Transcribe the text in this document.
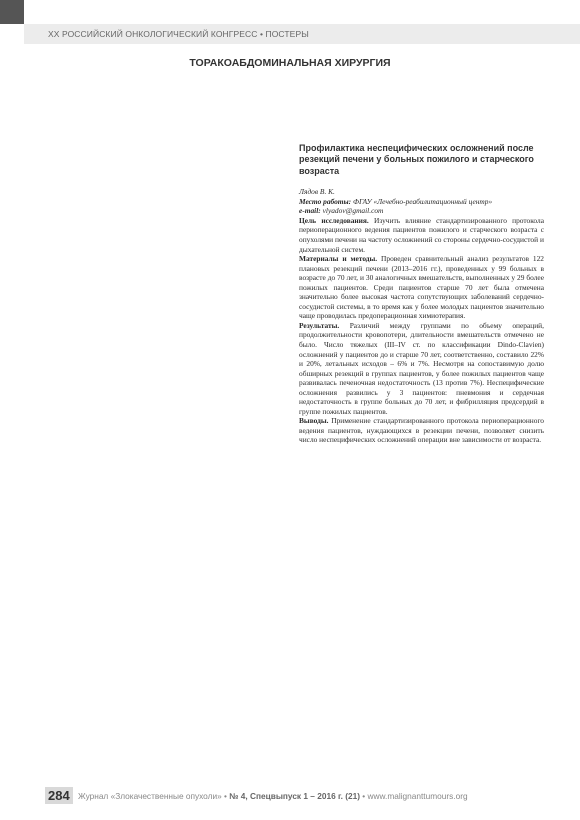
XX РОССИЙСКИЙ ОНКОЛОГИЧЕСКИЙ КОНГРЕСС • ПОСТЕРЫ
ТОРАКОАБДОМИНАЛЬНАЯ ХИРУРГИЯ
Профилактика неспецифических осложнений после резекций печени у больных пожилого и старческого возраста

Лядов В. К.

Место работы: ФГАУ «Лечебно-реабилитационный центр»

e-mail: vlyadov@gmail.com

Цель исследования. Изучить влияние стандартизированного протокола периоперационного ведения пациентов пожилого и старческого возраста с опухолями печени на частоту осложнений со стороны сердечно-сосудистой и дыхательной систем.

Материалы и методы. Проведен сравнительный анализ результатов 122 плановых резекций печени (2013–2016 гг.), проведенных у 99 больных в возрасте до 70 лет, и 30 аналогичных вмешательств, выполненных у 29 более пожилых пациентов. Среди пациентов старше 70 лет была отмечена значительно более высокая частота сопутствующих заболеваний сердечно-сосудистой системы, в то время как у более молодых пациентов значительно чаще проводилась предоперационная химиотерапия.

Результаты. Различий между группами по объему операций, продолжительности кровопотери, длительности вмешательств отмечено не было. Число тяжелых (III–IV ст. по классификации Dindo-Clavien) осложнений у пациентов до и старше 70 лет, соответственно, составило 22% и 20%, летальных исходов – 6% и 7%. Несмотря на сопоставимую долю обширных резекций в группах пациентов, у более пожилых пациентов чаще развивалась печеночная недостаточность (13 против 7%). Неспецифические осложнения развились у 3 пациентов: пневмония и сердечная недостаточность в группе больных до 70 лет, и фибрилляция предсердий в группе пожилых пациентов.

Выводы. Применение стандартизированного протокола периоперационного ведения пациентов, нуждающихся в резекции печени, позволяет снизить число неспецифических осложнений операции вне зависимости от возраста.

284 Журнал «Злокачественные опухоли» • № 4, Спецвыпуск 1 – 2016 г. (21) • www.malignanttumours.org
